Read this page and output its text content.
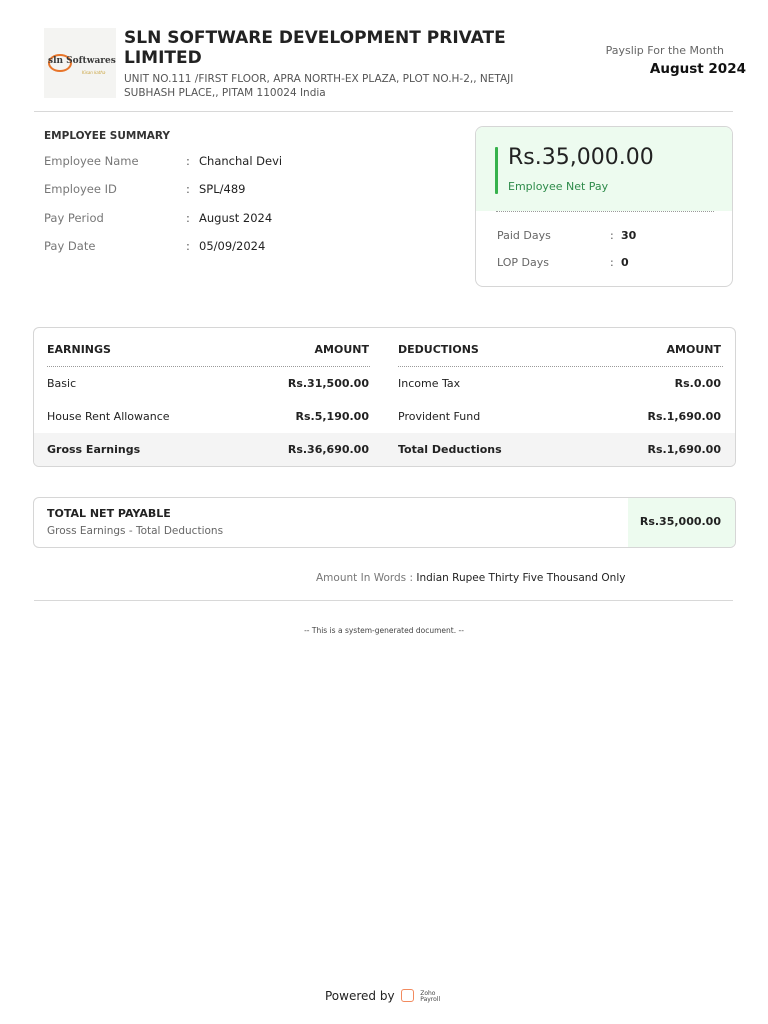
sln Softwares
Kisan katha
SLN SOFTWARE DEVELOPMENT PRIVATE LIMITED
UNIT NO.111 /FIRST FLOOR, APRA NORTH-EX PLAZA, PLOT NO.H-2,, NETAJI SUBHASH PLACE,, PITAM 110024 India
Payslip For the Month
August 2024
EMPLOYEE SUMMARY
Employee Name	: Chanchal Devi
Employee ID	: SPL/489
Pay Period	: August 2024
Pay Date	: 05/09/2024
Rs.35,000.00
Employee Net Pay
Paid Days	: 30
LOP Days	: 0
EARNINGS	AMOUNT	DEDUCTIONS	AMOUNT
Basic	Rs.31,500.00	Income Tax	Rs.0.00
House Rent Allowance	Rs.5,190.00	Provident Fund	Rs.1,690.00
Gross Earnings	Rs.36,690.00	Total Deductions	Rs.1,690.00
TOTAL NET PAYABLE
Gross Earnings - Total Deductions
Rs.35,000.00
Amount In Words : Indian Rupee Thirty Five Thousand Only
-- This is a system-generated document. --
Powered by	Zoho
Payroll
